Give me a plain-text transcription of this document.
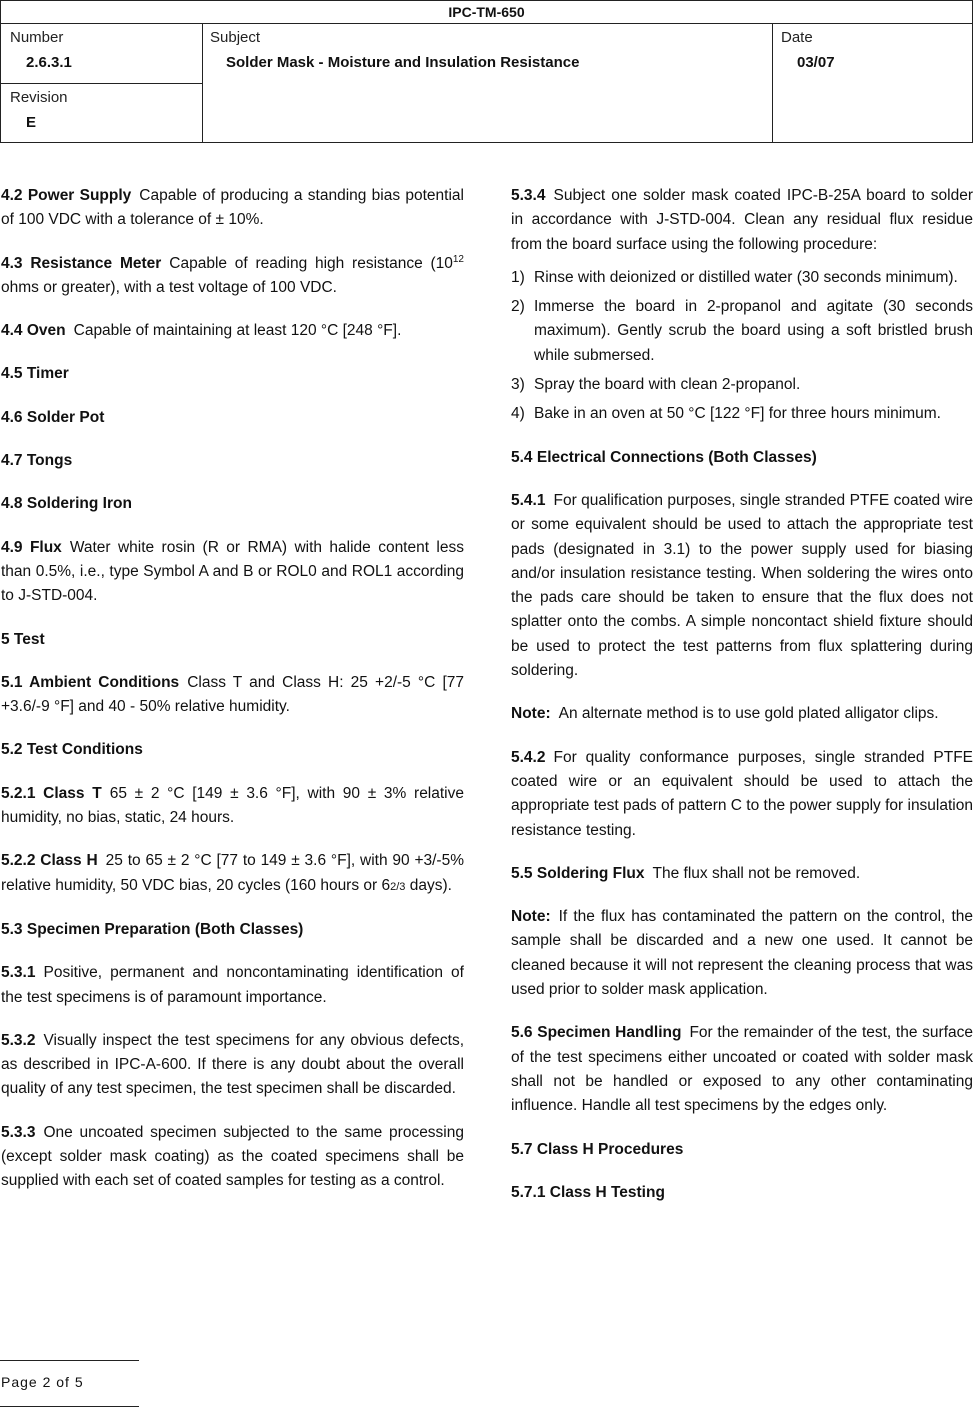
IPC-TM-650
Number
2.6.3.1
Revision
E
Subject
Solder Mask - Moisture and Insulation Resistance
Date
03/07

4.2 Power Supply Capable of producing a standing bias potential of 100 VDC with a tolerance of ± 10%.

4.3 Resistance Meter Capable of reading high resistance ($10^{12}$ ohms or greater), with a test voltage of 100 VDC.

4.4 Oven Capable of maintaining at least 120 °C [248 °F].

4.5 Timer

4.6 Solder Pot

4.7 Tongs

4.8 Soldering Iron

4.9 Flux Water white rosin (R or RMA) with halide content less than 0.5%, i.e., type Symbol A and B or ROL0 and ROL1 according to J-STD-004.

5 Test

5.1 Ambient Conditions Class T and Class H: 25 +2/-5 °C [77 +3.6/-9 °F] and 40 - 50% relative humidity.

5.2 Test Conditions

5.2.1 Class T 65 ± 2 °C [149 ± 3.6 °F], with 90 ± 3% relative humidity, no bias, static, 24 hours.

5.2.2 Class H 25 to 65 ± 2 °C [77 to 149 ± 3.6 °F], with 90 +3/-5% relative humidity, 50 VDC bias, 20 cycles (160 hours or 62/3 days).

5.3 Specimen Preparation (Both Classes)

5.3.1 Positive, permanent and noncontaminating identification of the test specimens is of paramount importance.

5.3.2 Visually inspect the test specimens for any obvious defects, as described in IPC-A-600. If there is any doubt about the overall quality of any test specimen, the test specimen shall be discarded.

5.3.3 One uncoated specimen subjected to the same processing (except solder mask coating) as the coated specimens shall be supplied with each set of coated samples for testing as a control.

5.3.4 Subject one solder mask coated IPC-B-25A board to solder in accordance with J-STD-004. Clean any residual flux residue from the board surface using the following procedure:

1) Rinse with deionized or distilled water (30 seconds minimum).
2) Immerse the board in 2-propanol and agitate (30 seconds maximum). Gently scrub the board using a soft bristled brush while submersed.
3) Spray the board with clean 2-propanol.
4) Bake in an oven at 50 °C [122 °F] for three hours minimum.

5.4 Electrical Connections (Both Classes)

5.4.1 For qualification purposes, single stranded PTFE coated wire or some equivalent should be used to attach the appropriate test pads (designated in 3.1) to the power supply used for biasing and/or insulation resistance testing. When soldering the wires onto the pads care should be taken to ensure that the flux does not splatter onto the combs. A simple noncontact shield fixture should be used to protect the test patterns from flux splattering during soldering.

Note: An alternate method is to use gold plated alligator clips.

5.4.2 For quality conformance purposes, single stranded PTFE coated wire or an equivalent should be used to attach the appropriate test pads of pattern C to the power supply for insulation resistance testing.

5.5 Soldering Flux The flux shall not be removed.

Note: If the flux has contaminated the pattern on the control, the sample shall be discarded and a new one used. It cannot be cleaned because it will not represent the cleaning process that was used prior to solder mask application.

5.6 Specimen Handling For the remainder of the test, the surface of the test specimens either uncoated or coated with solder mask shall not be handled or exposed to any other contaminating influence. Handle all test specimens by the edges only.

5.7 Class H Procedures

5.7.1 Class H Testing

Page 2 of 5
